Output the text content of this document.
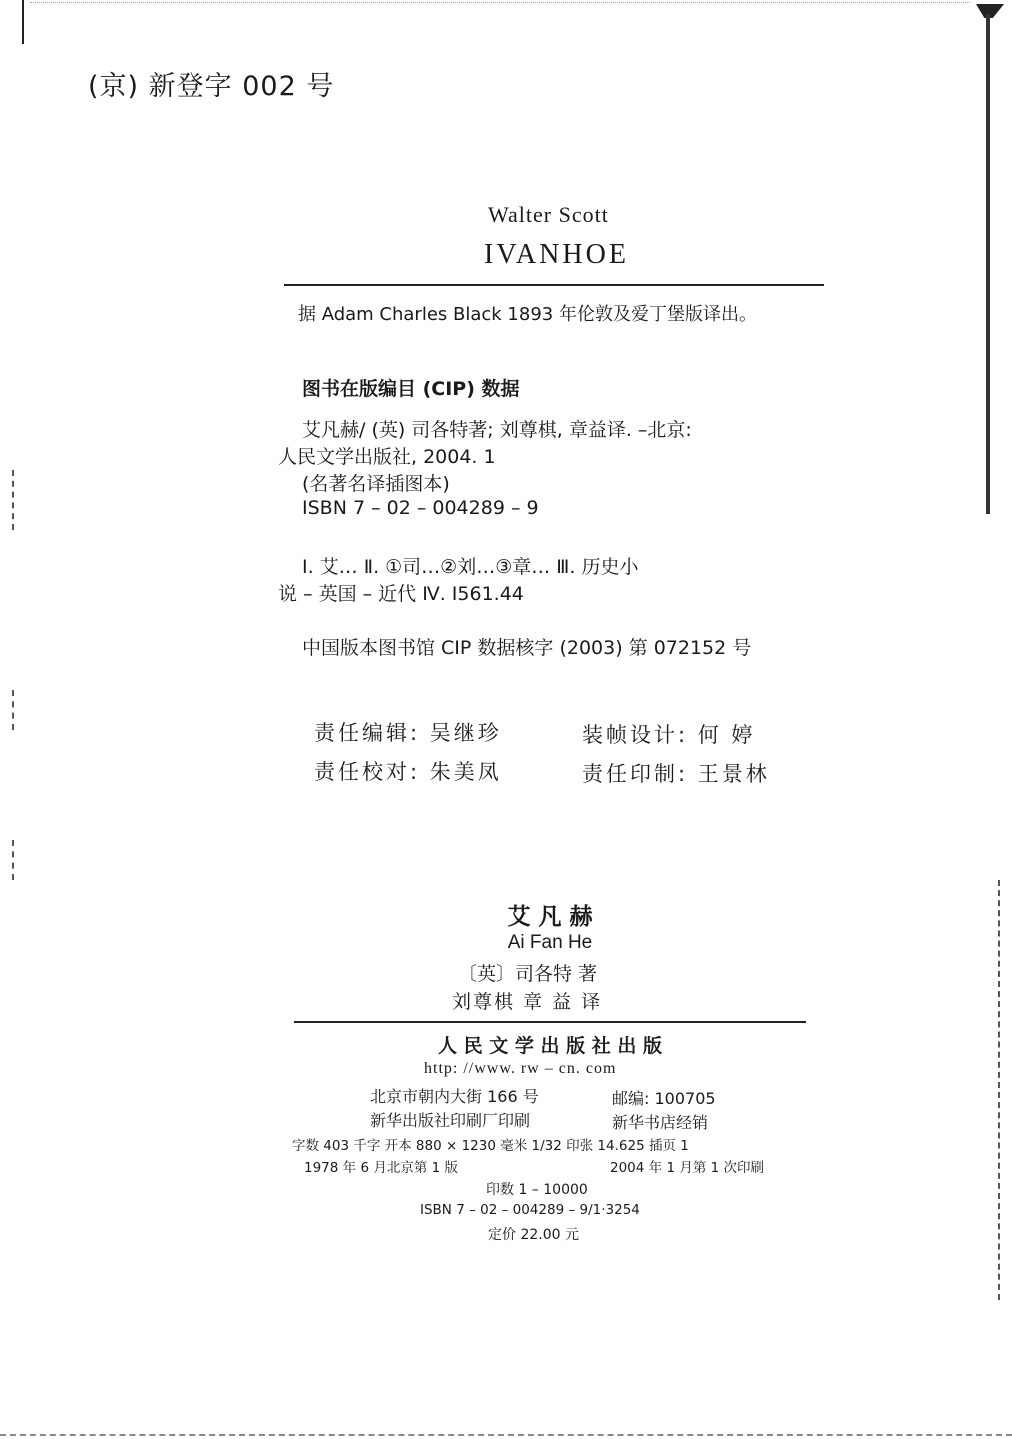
(京) 新登字 002 号
Walter Scott
IVANHOE
据 Adam Charles Black 1893 年伦敦及爱丁堡版译出。
图书在版编目 (CIP) 数据
艾凡赫/ (英) 司各特著; 刘尊棋, 章益译. –北京:
人民文学出版社, 2004. 1
(名著名译插图本)
ISBN 7 – 02 – 004289 – 9
Ⅰ. 艾… Ⅱ. ①司…②刘…③章… Ⅲ. 历史小
说 – 英国 – 近代 Ⅳ. I561.44
中国版本图书馆 CIP 数据核字 (2003) 第 072152 号
责任编辑: 吴继珍	装帧设计: 何 婷
责任校对: 朱美凤	责任印制: 王景林
艾 凡 赫
Ai Fan He
〔英〕司各特 著
刘尊棋 章 益 译
人 民 文 学 出 版 社 出 版
http: //www. rw – cn. com
北京市朝内大街 166 号	邮编: 100705
新华出版社印刷厂印刷	新华书店经销
字数 403 千字 开本 880 × 1230 毫米 1/32 印张 14.625 插页 1
1978 年 6 月北京第 1 版	2004 年 1 月第 1 次印刷
印数 1 – 10000
ISBN 7 – 02 – 004289 – 9/1·3254
定价 22.00 元
